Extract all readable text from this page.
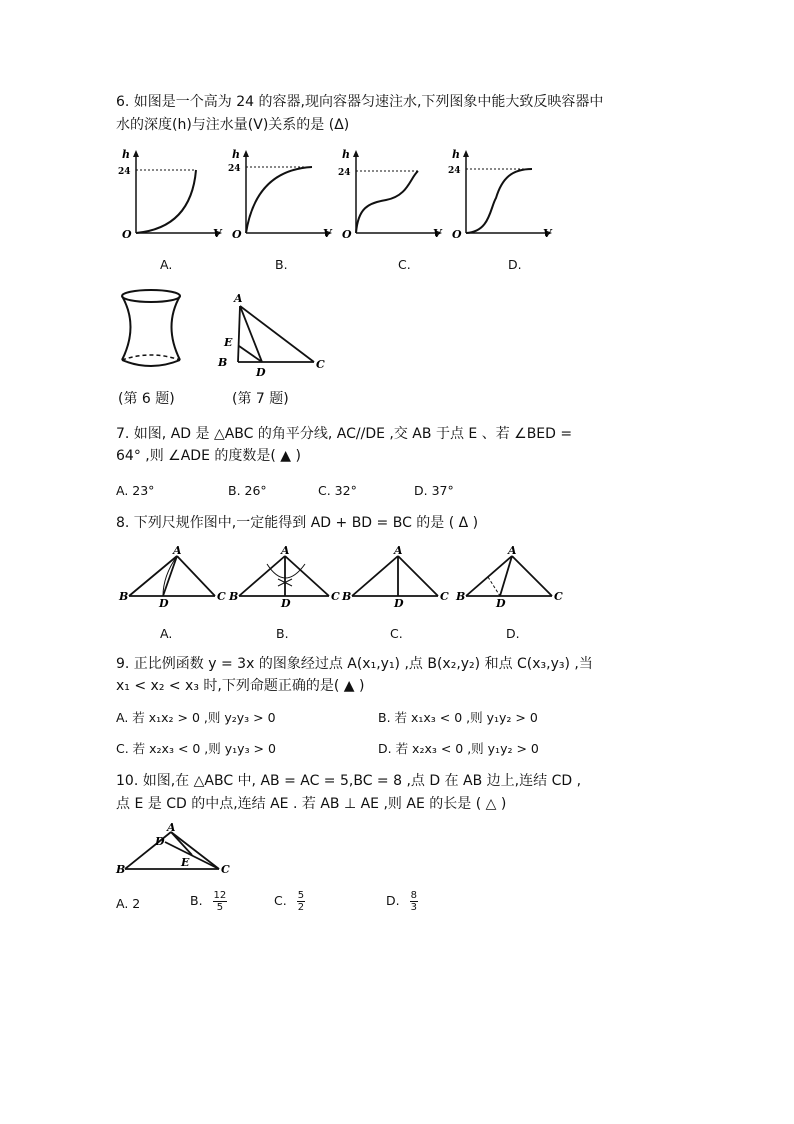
6. 如图是一个高为 24 的容器,现向容器匀速注水,下列图象中能大致反映容器中
水的深度(h)与注水量(V)关系的是 (Δ)
h
24
O	V
h
24
O	V
h
24
O	V
h
24
O	V
A.	B.	C.	D.
A
E
B
D
C
(第 6 题)	(第 7 题)
7. 如图, AD 是 △ABC 的角平分线, AC//DE ,交 AB 于点 E 、若 ∠BED =
64° ,则 ∠ADE 的度数是( ▲ )
A. 23°	B. 26°	C. 32°	D. 37°
8. 下列尺规作图中,一定能得到 AD + BD = BC 的是 ( Δ )
A
B
D
C
A
B
D
C
A
B
D
C
A
B
D
C
A.	B.	C.	D.
9. 正比例函数 y = 3x 的图象经过点 A(x₁,y₁) ,点 B(x₂,y₂) 和点 C(x₃,y₃) ,当
x₁ < x₂ < x₃ 时,下列命题正确的是( ▲ )
A. 若 x₁x₂ > 0 ,则 y₂y₃ > 0	B. 若 x₁x₃ < 0 ,则 y₁y₂ > 0
C. 若 x₂x₃ < 0 ,则 y₁y₃ > 0	D. 若 x₂x₃ < 0 ,则 y₁y₂ > 0
10. 如图,在 △ABC 中, AB = AC = 5,BC = 8 ,点 D 在 AB 边上,连结 CD ,
点 E 是 CD 的中点,连结 AE . 若 AB ⊥ AE ,则 AE 的长是 ( △ )
A
D
E
B	C
A. 2	B. $\frac{12}{5}$	C. $\frac{5}{2}$	D. $\frac{8}{3}$
